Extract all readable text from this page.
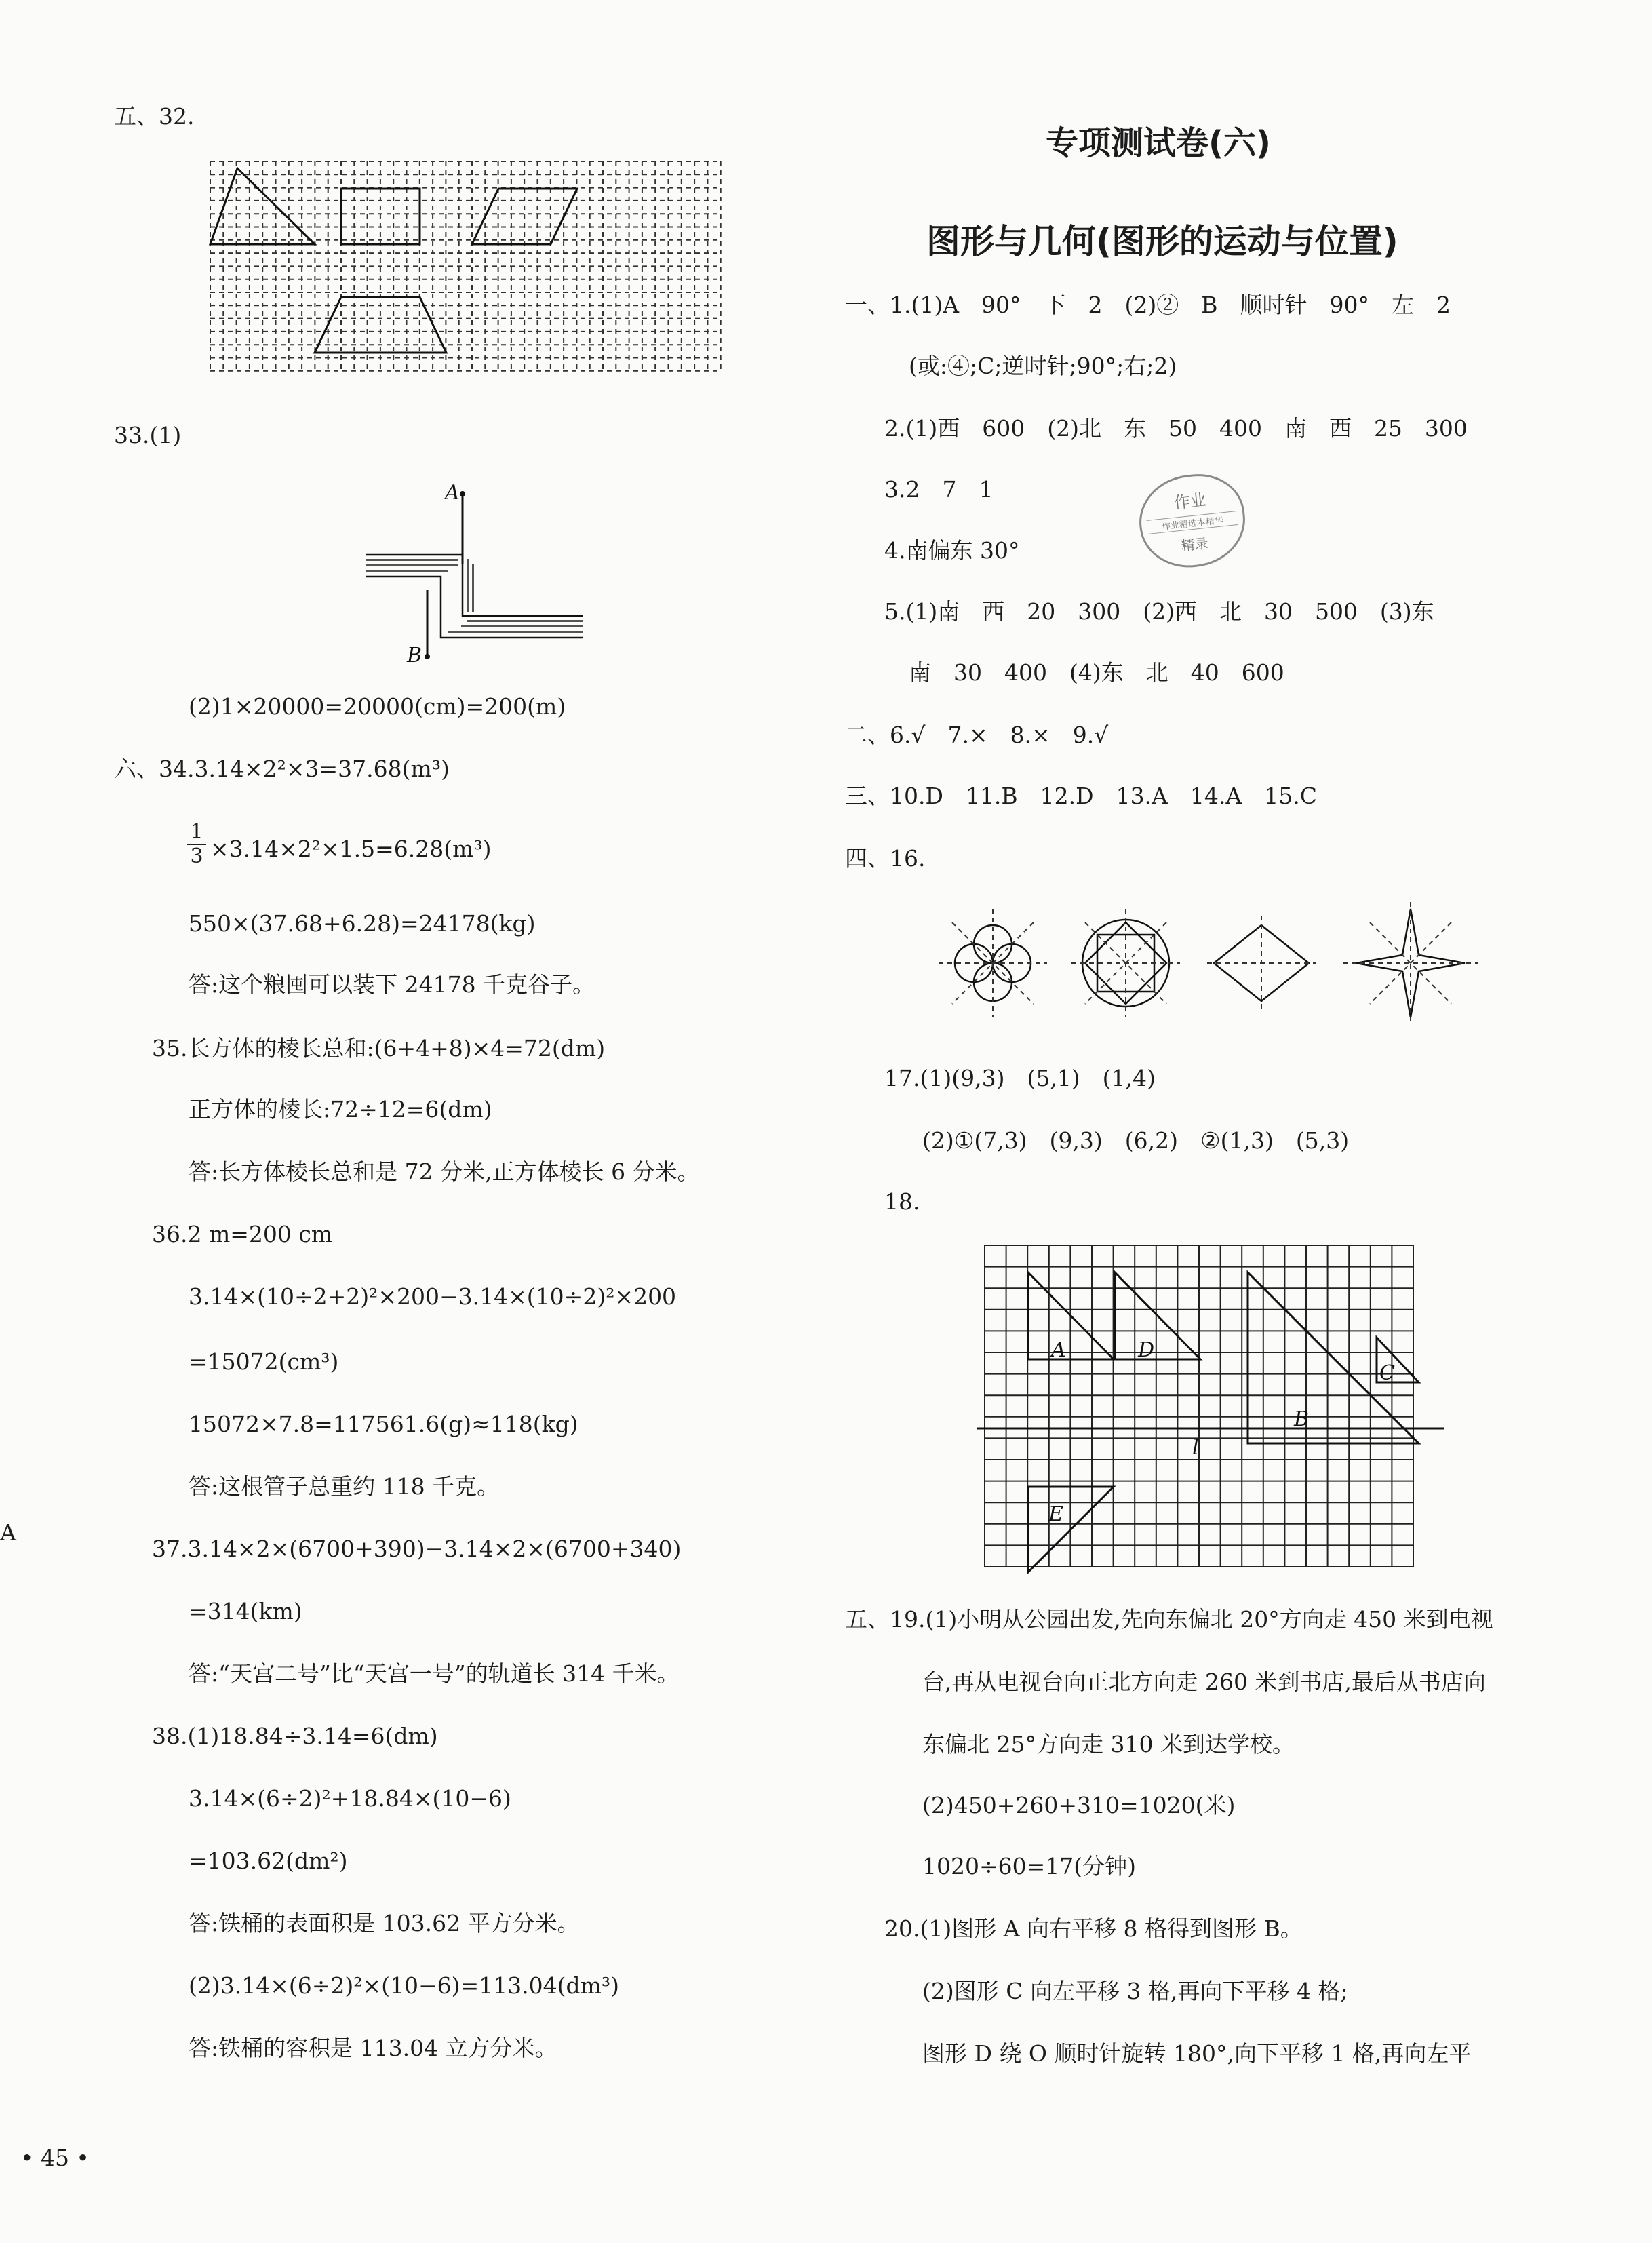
五、32.
33.(1)
A
B
(2)1×20000=20000(cm)=200(m)
六、34.3.14×2²×3=37.68(m³)
1
3 ×3.14×2²×1.5=6.28(m³)
550×(37.68+6.28)=24178(kg)
答:这个粮囤可以装下 24178 千克谷子。
35.长方体的棱长总和:(6+4+8)×4=72(dm)
正方体的棱长:72÷12=6(dm)
答:长方体棱长总和是 72 分米,正方体棱长 6 分米。
36.2 m=200 cm
3.14×(10÷2+2)²×200−3.14×(10÷2)²×200
=15072(cm³)
15072×7.8=117561.6(g)≈118(kg)
答:这根管子总重约 118 千克。
37.3.14×2×(6700+390)−3.14×2×(6700+340)
=314(km)
答:“天宫二号”比“天宫一号”的轨道长 314 千米。
38.(1)18.84÷3.14=6(dm)
3.14×(6÷2)²+18.84×(10−6)
=103.62(dm²)
答:铁桶的表面积是 103.62 平方分米。
(2)3.14×(6÷2)²×(10−6)=113.04(dm³)
答:铁桶的容积是 113.04 立方分米。
A
• 45 •
专项测试卷(六)
图形与几何(图形的运动与位置)
一、1.(1)A　90°　下　2　(2)②　B　顺时针　90°　左　2
(或:④;C;逆时针;90°;右;2)
2.(1)西　600　(2)北　东　50　400　南　西　25　300
3.2　7　1	作业
作业精选本精华
精录
4.南偏东 30°
5.(1)南　西　20　300　(2)西　北　30　500　(3)东
南　30　400　(4)东　北　40　600
二、6.√　7.×　8.×　9.√
三、10.D　11.B　12.D　13.A　14.A　15.C
四、16.
17.(1)(9,3)　(5,1)　(1,4)
(2)①(7,3)　(9,3)　(6,2)　②(1,3)　(5,3)
18.
l
A	D
B
C
E
五、19.(1)小明从公园出发,先向东偏北 20°方向走 450 米到电视
台,再从电视台向正北方向走 260 米到书店,最后从书店向
东偏北 25°方向走 310 米到达学校。
(2)450+260+310=1020(米)
1020÷60=17(分钟)
20.(1)图形 A 向右平移 8 格得到图形 B。
(2)图形 C 向左平移 3 格,再向下平移 4 格;
图形 D 绕 O 顺时针旋转 180°,向下平移 1 格,再向左平
